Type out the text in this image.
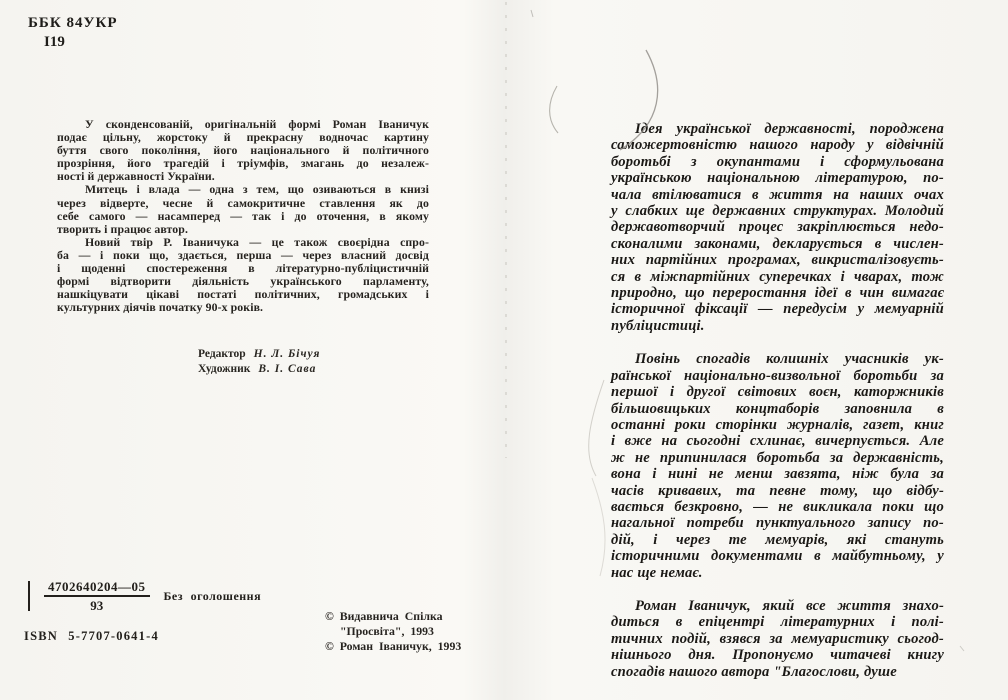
ББК 84УКР
І19
У сконденсованій, оригінальній формі Роман Іваничук
подає цільну, жорстоку й прекрасну водночас картину
буття свого покоління, його національного й політичного
прозріння, його трагедій і тріумфів, змагань до незалеж-
ності й державності України.
Митець і влада — одна з тем, що озиваються в книзі
через відверте, чесне й самокритичне ставлення як до
себе самого — насамперед — так і до оточення, в якому
творить і працює автор.
Новий твір Р. Іваничука — це також своєрідна спро-
ба — і поки що, здається, перша — через власний досвід
і щоденні спостереження в літературно-публіцистичній
формі відтворити діяльність українського парламенту,
нашкіцувати цікаві постаті політичних, громадських і
культурних діячів початку 90-х років.
Редактор Н. Л. Бічуя
Художник В. І. Сава
$\frac{4702640204—05}{93}$ Без оголошення
ISBN 5-7707-0641-4
© Видавнича Спілка
"Просвіта", 1993
© Роман Іваничук, 1993
Ідея української державності, породжена
саможертовністю нашого народу у відвічній
боротьбі з окупантами і сформульована
українською національною літературою, по-
чала втілюватися в життя на наших очах
у слабких ще державних структурах. Молодий
державотворчий процес закріплюється недо-
сконалими законами, декларується в числен-
них партійних програмах, викристалізовуєть-
ся в міжпартійних суперечках і чварах, тож
природно, що переростання ідеї в чин вимагає
історичної фіксації — передусім у мемуарній
публіцистиці.
Повінь спогадів колишніх учасників ук-
раїнської національно-визвольної боротьби за
першої і другої світових воєн, каторжників
більшовицьких концтаборів заповнила в
останні роки сторінки журналів, газет, книг
і вже на сьогодні схлинає, вичерпується. Але
ж не припинилася боротьба за державність,
вона і нині не менш завзята, ніж була за
часів кривавих, та певне тому, що відбу-
вається безкровно, — не викликала поки що
нагальної потреби пунктуального запису по-
дій, і через те мемуарів, які стануть
історичними документами в майбутньому, у
нас ще немає.
Роман Іваничук, який все життя знахо-
диться в епіцентрі літературних і полі-
тичних подій, взявся за мемуаристику сьогод-
нішнього дня. Пропонуємо читачеві книгу
спогадів нашого автора "Благослови, душе
